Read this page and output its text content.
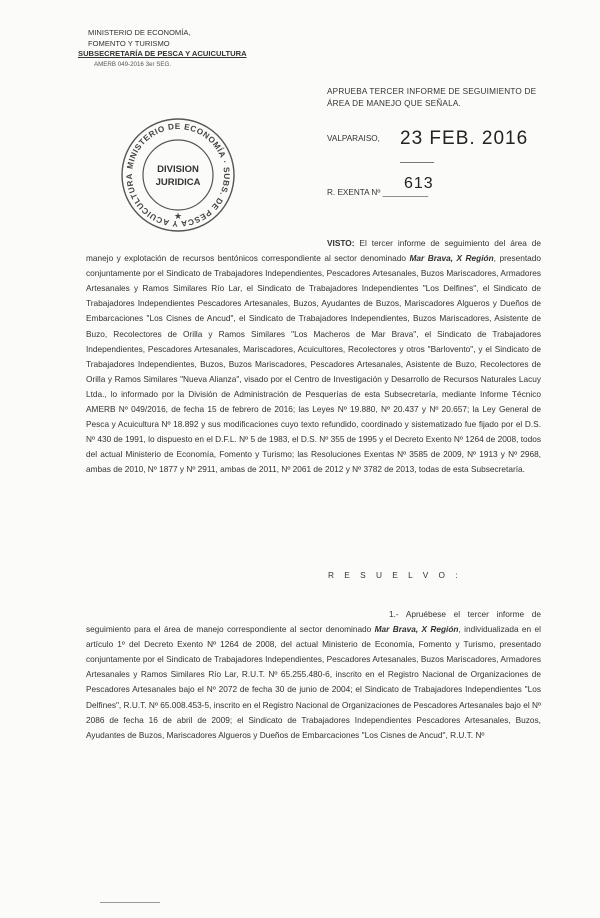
MINISTERIO DE ECONOMÍA,
FOMENTO Y TURISMO
SUBSECRETARÍA DE PESCA Y ACUICULTURA
AMERB 049-2016 3er SEG.
APRUEBA TERCER INFORME DE SEGUIMIENTO DE ÁREA DE MANEJO QUE SEÑALA.
MINISTERIO DE ECONOMÍA · SUBS. DE PESCA Y ACUICULTURA
DIVISION
JURIDICA
★
VALPARAISO, 23 FEB. 2016
613
R. EXENTA Nº __________
VISTO: El tercer informe de seguimiento del área de manejo y explotación de recursos bentónicos correspondiente al sector denominado Mar Brava, X Región, presentado conjuntamente por el Sindicato de Trabajadores Independientes, Pescadores Artesanales, Buzos Mariscadores, Armadores Artesanales y Ramos Similares Río Lar, el Sindicato de Trabajadores Independientes "Los Delfines", el Sindicato de Trabajadores Independientes Pescadores Artesanales, Buzos, Ayudantes de Buzos, Mariscadores Algueros y Dueños de Embarcaciones "Los Cisnes de Ancud", el Sindicato de Trabajadores Independientes, Buzos Mariscadores, Asistente de Buzo, Recolectores de Orilla y Ramos Similares "Los Macheros de Mar Brava", el Sindicato de Trabajadores Independientes, Pescadores Artesanales, Mariscadores, Acuicultores, Recolectores y otros "Barlovento", y el Sindicato de Trabajadores Independientes, Buzos, Buzos Mariscadores, Pescadores Artesanales, Asistente de Buzo, Recolectores de Orilla y Ramos Similares "Nueva Alianza", visado por el Centro de Investigación y Desarrollo de Recursos Naturales Lacuy Ltda., lo informado por la División de Administración de Pesquerías de esta Subsecretaría, mediante Informe Técnico AMERB Nº 049/2016, de fecha 15 de febrero de 2016; las Leyes Nº 19.880, Nº 20.437 y Nº 20.657; la Ley General de Pesca y Acuicultura Nº 18.892 y sus modificaciones cuyo texto refundido, coordinado y sistematizado fue fijado por el D.S. Nº 430 de 1991, lo dispuesto en el D.F.L. Nº 5 de 1983, el D.S. Nº 355 de 1995 y el Decreto Exento Nº 1264 de 2008, todos del actual Ministerio de Economía, Fomento y Turismo; las Resoluciones Exentas Nº 3585 de 2009, Nº 1913 y Nº 2968, ambas de 2010, Nº 1877 y Nº 2911, ambas de 2011, Nº 2061 de 2012 y Nº 3782 de 2013, todas de esta Subsecretaría.
R E S U E L V O :
1.- Apruébese el tercer informe de seguimiento para el área de manejo correspondiente al sector denominado Mar Brava, X Región, individualizada en el artículo 1º del Decreto Exento Nº 1264 de 2008, del actual Ministerio de Economía, Fomento y Turismo, presentado conjuntamente por el Sindicato de Trabajadores Independientes, Pescadores Artesanales, Buzos Mariscadores, Armadores Artesanales y Ramos Similares Río Lar, R.U.T. Nº 65.255.480-6, inscrito en el Registro Nacional de Organizaciones de Pescadores Artesanales bajo el Nº 2072 de fecha 30 de junio de 2004; el Sindicato de Trabajadores Independientes "Los Delfines", R.U.T. Nº 65.008.453-5, inscrito en el Registro Nacional de Organizaciones de Pescadores Artesanales bajo el Nº 2086 de fecha 16 de abril de 2009; el Sindicato de Trabajadores Independientes Pescadores Artesanales, Buzos, Ayudantes de Buzos, Mariscadores Algueros y Dueños de Embarcaciones "Los Cisnes de Ancud", R.U.T. Nº
